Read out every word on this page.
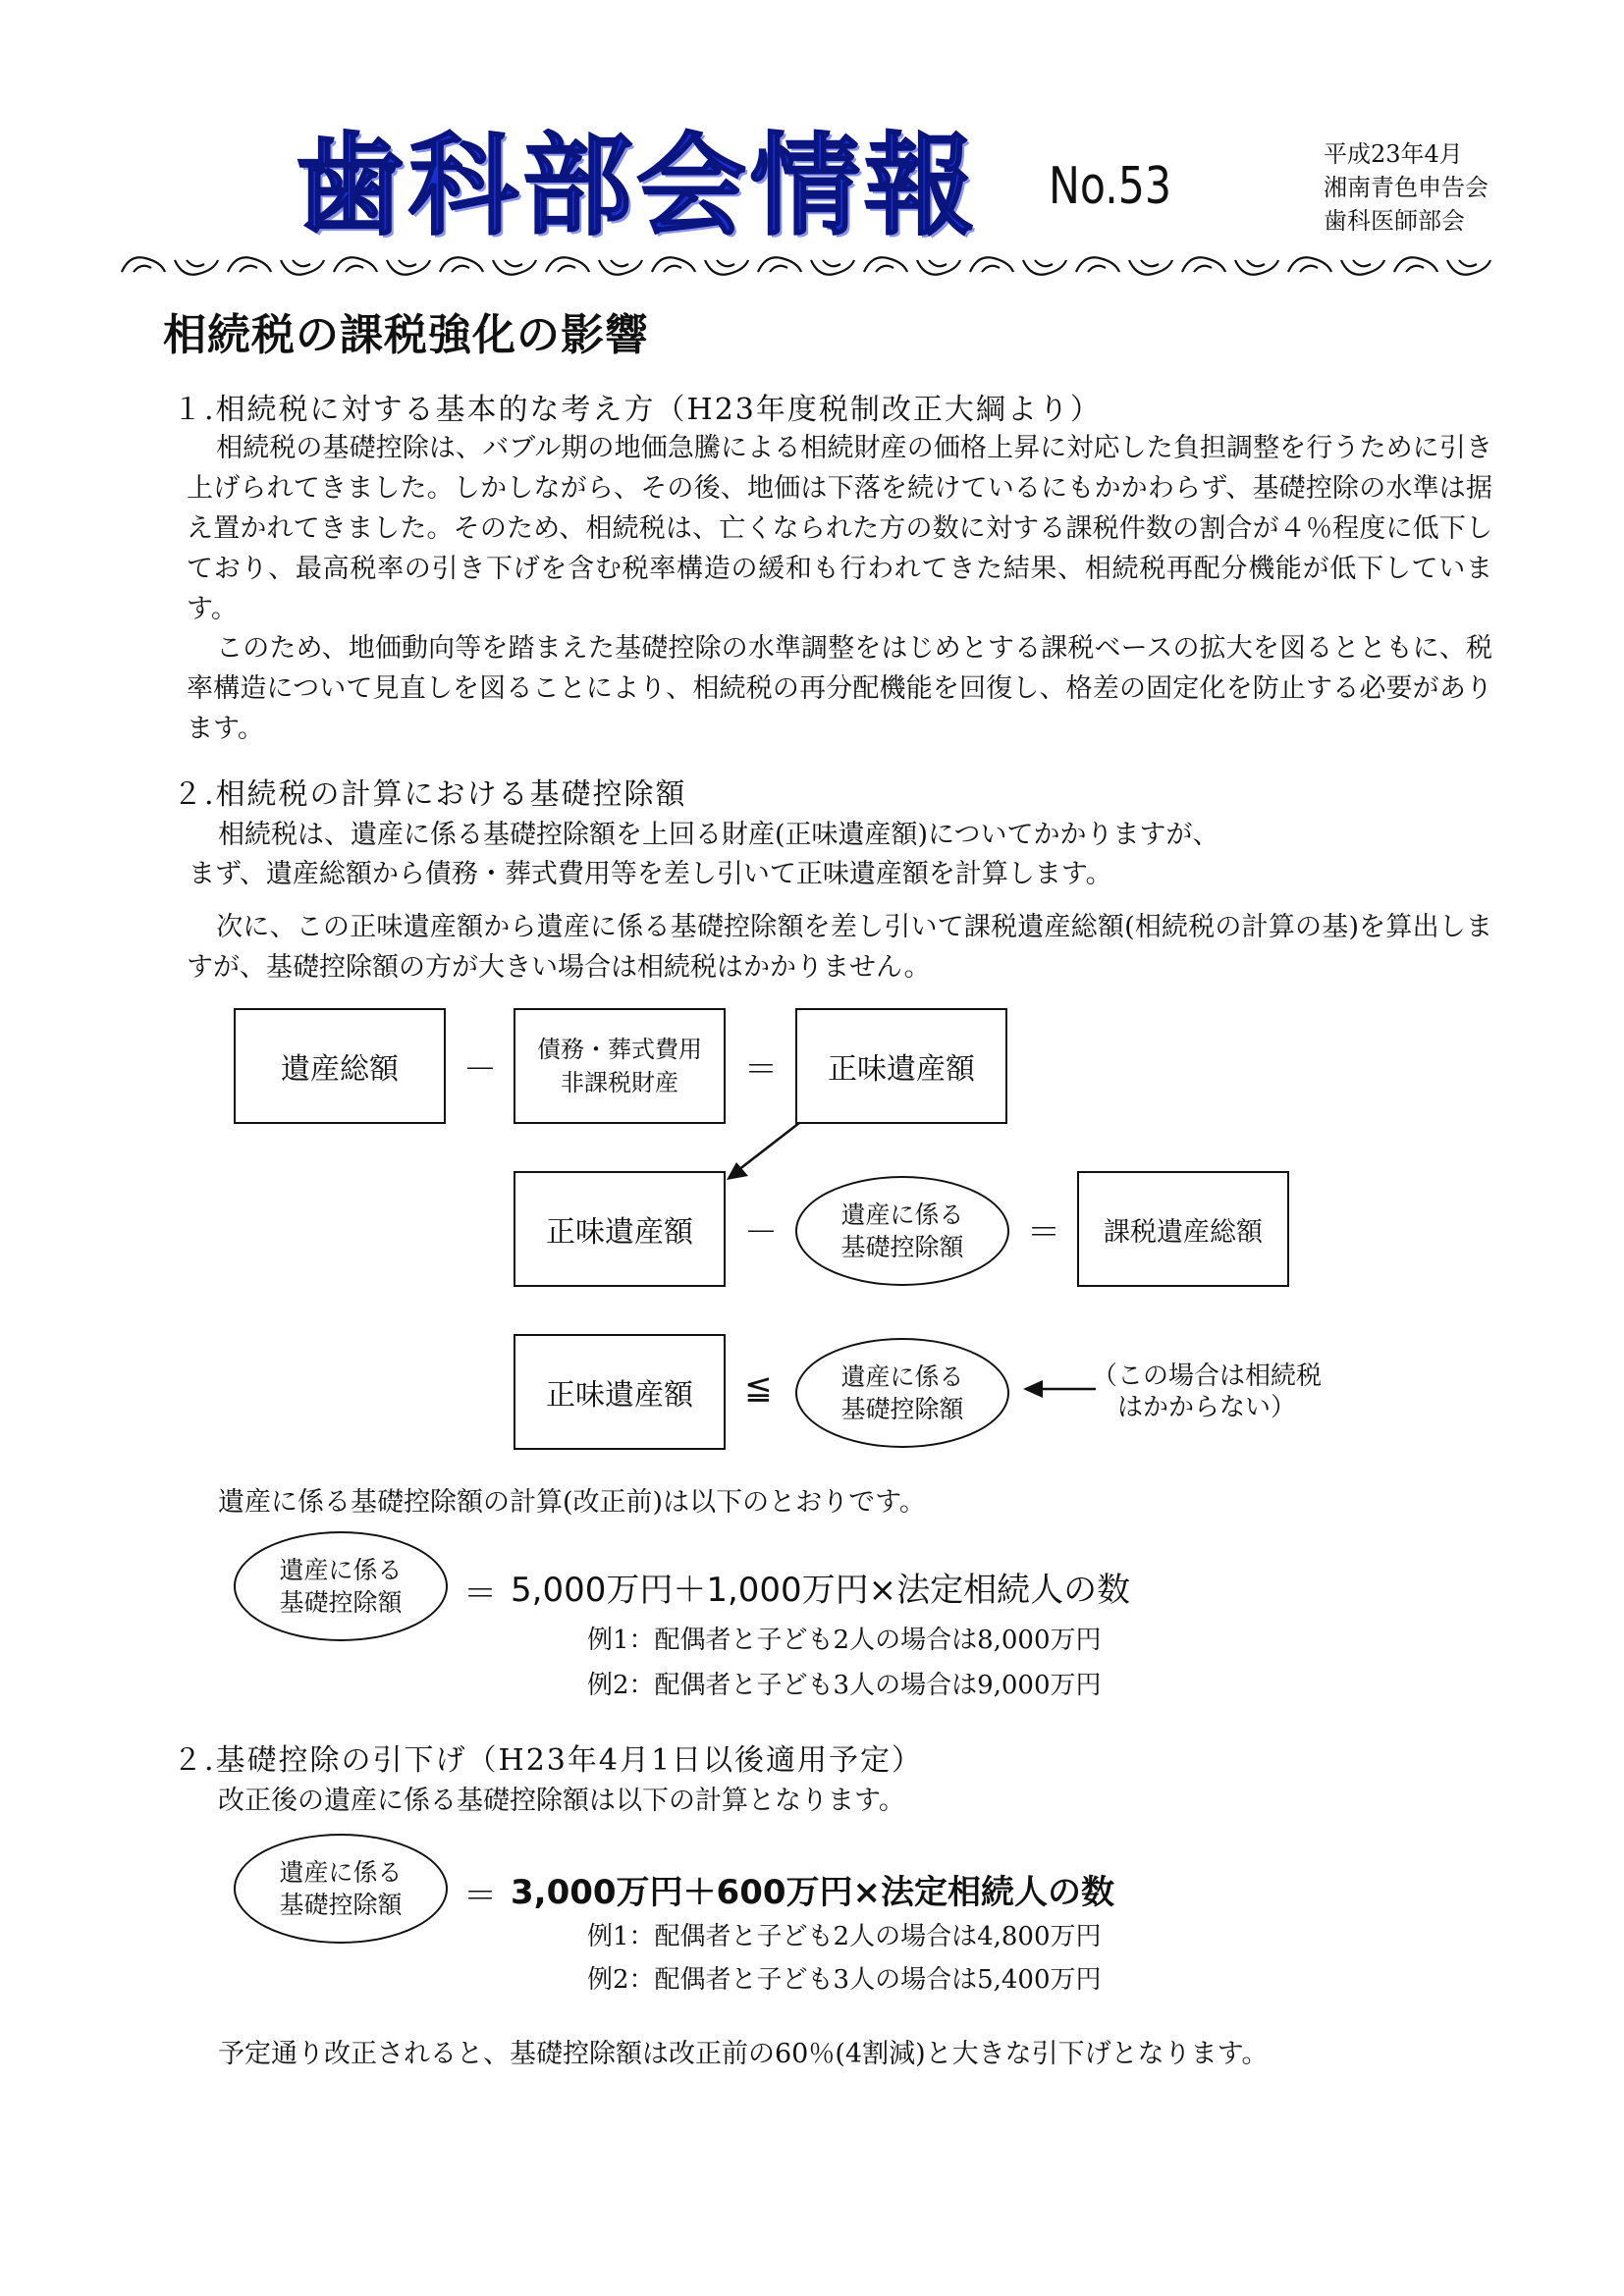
歯科部会情報 No.53
平成23年4月
湘南青色申告会
歯科医師部会
相続税の課税強化の影響
１.相続税に対する基本的な考え方（H23年度税制改正大綱より）
相続税の基礎控除は、バブル期の地価急騰による相続財産の価格上昇に対応した負担調整を行うために引き上げられてきました。しかしながら、その後、地価は下落を続けているにもかかわらず、基礎控除の水準は据え置かれてきました。そのため、相続税は、亡くなられた方の数に対する課税件数の割合が４％程度に低下しており、最高税率の引き下げを含む税率構造の緩和も行われてきた結果、相続税再配分機能が低下しています。
このため、地価動向等を踏まえた基礎控除の水準調整をはじめとする課税ベースの拡大を図るとともに、税率構造について見直しを図ることにより、相続税の再分配機能を回復し、格差の固定化を防止する必要があります。
２.相続税の計算における基礎控除額
相続税は、遺産に係る基礎控除額を上回る財産(正味遺産額)についてかかりますが、
まず、遺産総額から債務・葬式費用等を差し引いて正味遺産額を計算します。
次に、この正味遺産額から遺産に係る基礎控除額を差し引いて課税遺産総額(相続税の計算の基)を算出しますが、基礎控除額の方が大きい場合は相続税はかかりません。
遺産総額 －
債務・葬式費用
非課税財産	＝ 正味遺産額
正味遺産額 －	遺産に係る
基礎控除額 ＝ 課税遺産総額
正味遺産額 ≦	遺産に係る
基礎控除額
（この場合は相続税
はかからない）
遺産に係る基礎控除額の計算(改正前)は以下のとおりです。
遺産に係る
基礎控除額 ＝ 5,000万円＋1,000万円×法定相続人の数
例1：配偶者と子ども2人の場合は8,000万円
例2：配偶者と子ども3人の場合は9,000万円
２.基礎控除の引下げ（H23年4月1日以後適用予定）
改正後の遺産に係る基礎控除額は以下の計算となります。
遺産に係る
基礎控除額 ＝ 3,000万円＋600万円×法定相続人の数
例1：配偶者と子ども2人の場合は4,800万円
例2：配偶者と子ども3人の場合は5,400万円
予定通り改正されると、基礎控除額は改正前の60％(4割減)と大きな引下げとなります。
